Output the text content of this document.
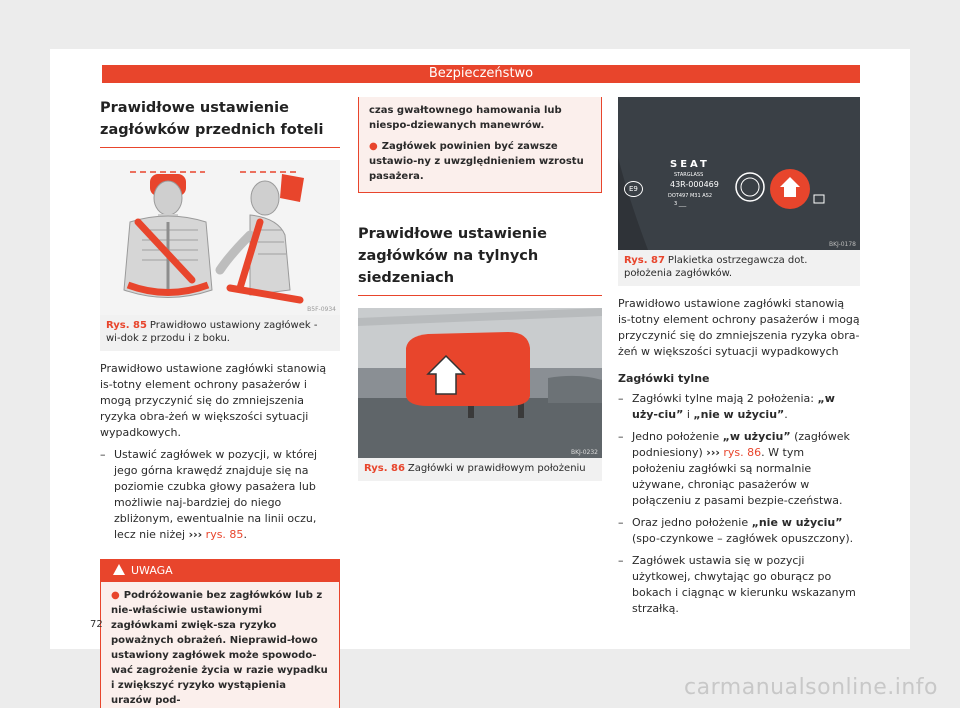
Bezpieczeństwo
Prawidłowe ustawienie zagłówków przednich foteli
B5F-0934
Rys. 85 Prawidłowo ustawiony zagłówek - wi-dok z przodu i z boku.
Prawidłowo ustawione zagłówki stanowią is-totny element ochrony pasażerów i mogą przyczynić się do zmniejszenia ryzyka obra-żeń w większości sytuacji wypadkowych.
– Ustawić zagłówek w pozycji, w której jego górna krawędź znajduje się na poziomie czubka głowy pasażera lub możliwie naj-bardziej do niego zbliżonym, ewentualnie na linii oczu, lecz nie niżej ››› rys. 85.
UWAGA
● Podróżowanie bez zagłówków lub z nie-właściwie ustawionymi zagłówkami zwięk-sza ryzyko poważnych obrażeń. Nieprawid-łowo ustawiony zagłówek może spowodo-wać zagrożenie życia w razie wypadku i zwiększyć ryzyko wystąpienia urazów pod-
czas gwałtownego hamowania lub niespo-dziewanych manewrów.
● Zagłówek powinien być zawsze ustawio-ny z uwzględnieniem wzrostu pasażera.
Prawidłowe ustawienie zagłówków na tylnych siedzeniach
BKJ-0232
Rys. 86 Zagłówki w prawidłowym położeniu
SEAT
STARGLASS
43R-000469
E9
DOT497 M31 AS2
3 ___
BKJ-0178
Rys. 87 Plakietka ostrzegawcza dot. położenia zagłówków.
Prawidłowo ustawione zagłówki stanowią is-totny element ochrony pasażerów i mogą przyczynić się do zmniejszenia ryzyka obra-żeń w większości sytuacji wypadkowych
Zagłówki tylne
– Zagłówki tylne mają 2 położenia: „w uży-ciu” i „nie w użyciu”.
– Jedno położenie „w użyciu” (zagłówek podniesiony) ››› rys. 86. W tym położeniu zagłówki są normalnie używane, chroniąc pasażerów w połączeniu z pasami bezpie-czeństwa.
– Oraz jedno położenie „nie w użyciu” (spo-czynkowe – zagłówek opuszczony).
– Zagłówek ustawia się w pozycji użytkowej, chwytając go oburącz po bokach i ciągnąc w kierunku wskazanym strzałką.
72
carmanualsonline.info
